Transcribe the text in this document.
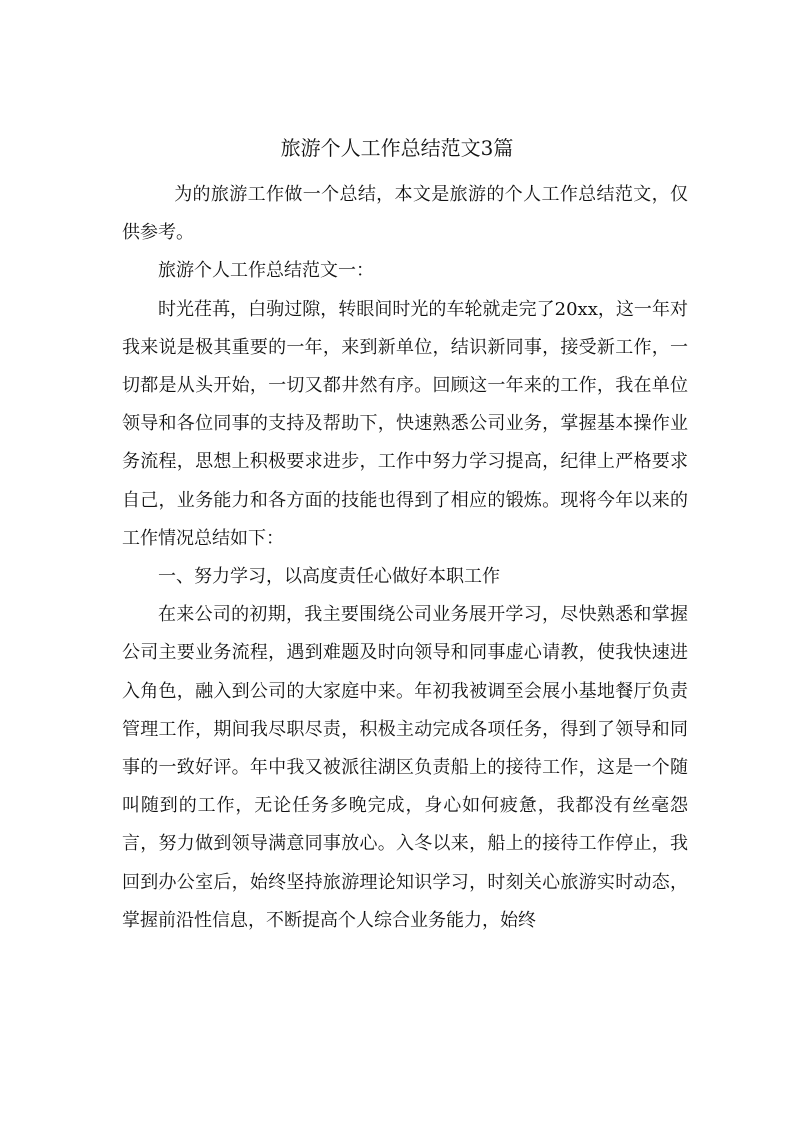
旅游个人工作总结范文3篇

为的旅游工作做一个总结，本文是旅游的个人工作总结范文，仅供参考。

旅游个人工作总结范文一：

时光荏苒，白驹过隙，转眼间时光的车轮就走完了20xx，这一年对我来说是极其重要的一年，来到新单位，结识新同事，接受新工作，一切都是从头开始，一切又都井然有序。回顾这一年来的工作，我在单位领导和各位同事的支持及帮助下，快速熟悉公司业务，掌握基本操作业务流程，思想上积极要求进步，工作中努力学习提高，纪律上严格要求自己，业务能力和各方面的技能也得到了相应的锻炼。现将今年以来的工作情况总结如下：

一、努力学习，以高度责任心做好本职工作

在来公司的初期，我主要围绕公司业务展开学习，尽快熟悉和掌握公司主要业务流程，遇到难题及时向领导和同事虚心请教，使我快速进入角色，融入到公司的大家庭中来。年初我被调至会展小基地餐厅负责管理工作，期间我尽职尽责，积极主动完成各项任务，得到了领导和同事的一致好评。年中我又被派往湖区负责船上的接待工作，这是一个随叫随到的工作，无论任务多晚完成，身心如何疲惫，我都没有丝毫怨言，努力做到领导满意同事放心。入冬以来，船上的接待工作停止，我回到办公室后，始终坚持旅游理论知识学习，时刻关心旅游实时动态，掌握前沿性信息，不断提高个人综合业务能力，始终
